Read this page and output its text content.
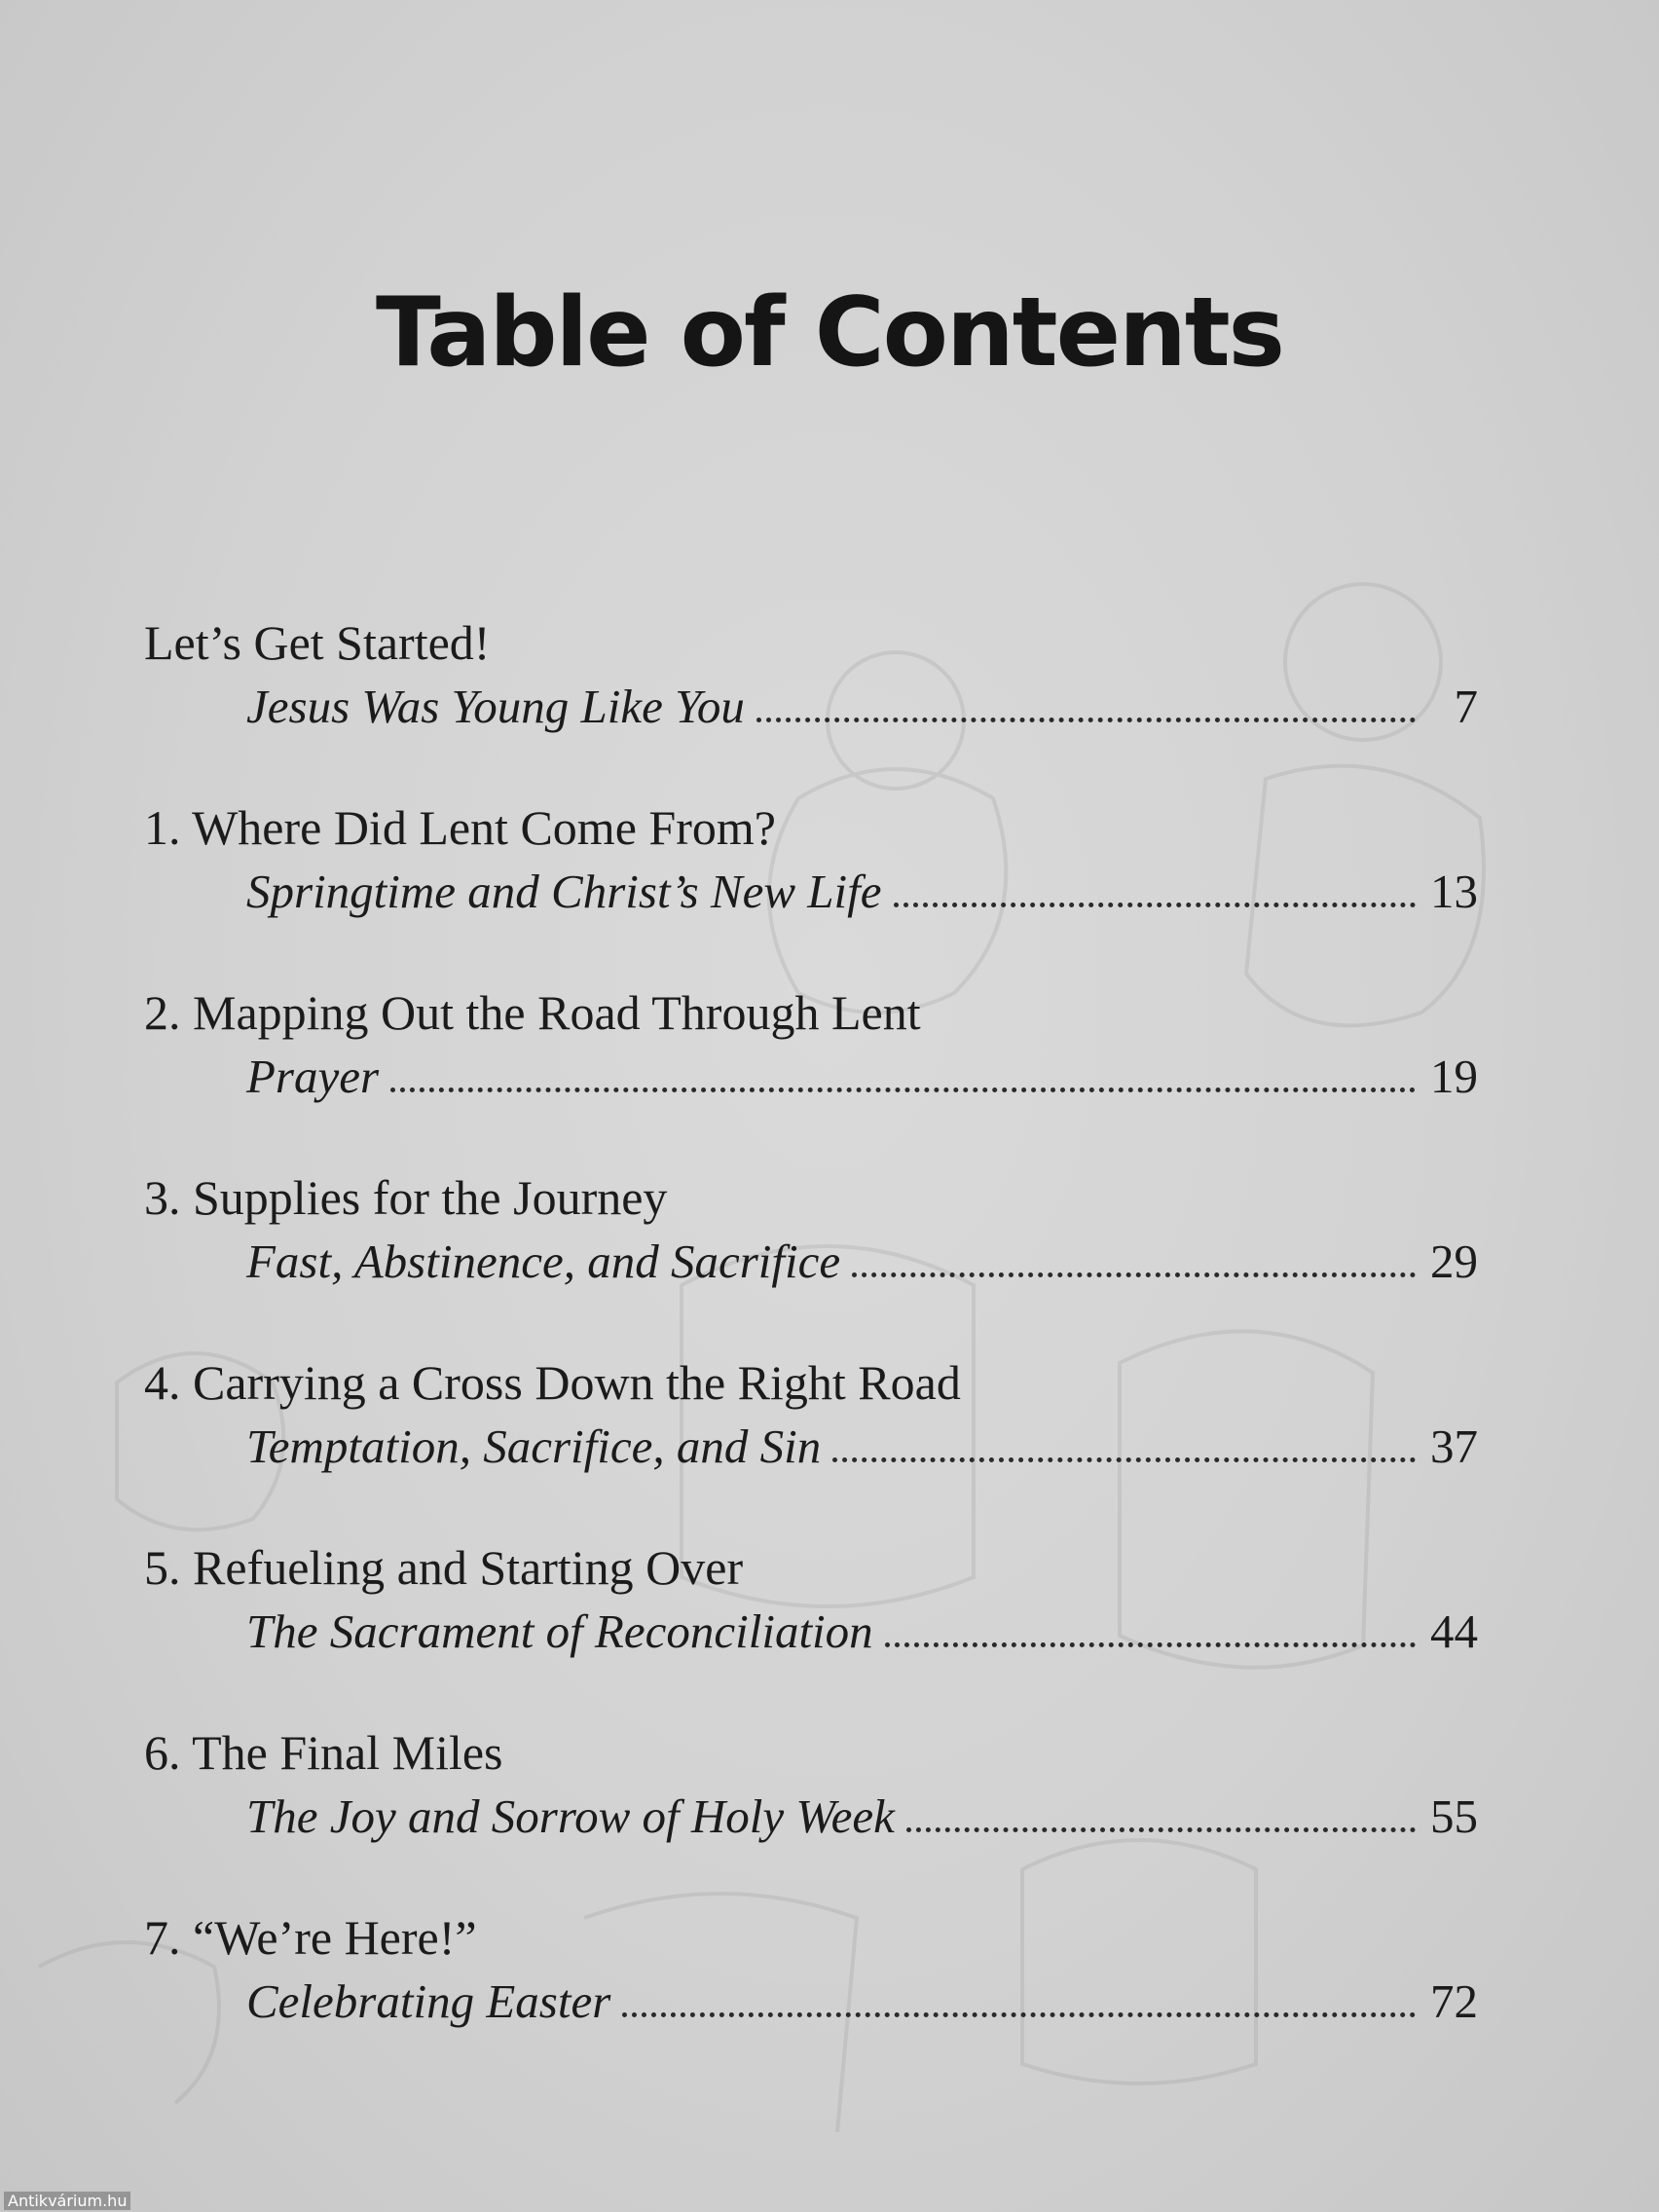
Table of Contents
Let’s Get Started!
Jesus Was Young Like You	7
1. Where Did Lent Come From?
Springtime and Christ’s New Life	13
2. Mapping Out the Road Through Lent
Prayer	19
3. Supplies for the Journey
Fast, Abstinence, and Sacrifice	29
4. Carrying a Cross Down the Right Road
Temptation, Sacrifice, and Sin	37
5. Refueling and Starting Over
The Sacrament of Reconciliation	44
6. The Final Miles
The Joy and Sorrow of Holy Week	55
7. “We’re Here!”
Celebrating Easter	72
Antikvárium.hu
